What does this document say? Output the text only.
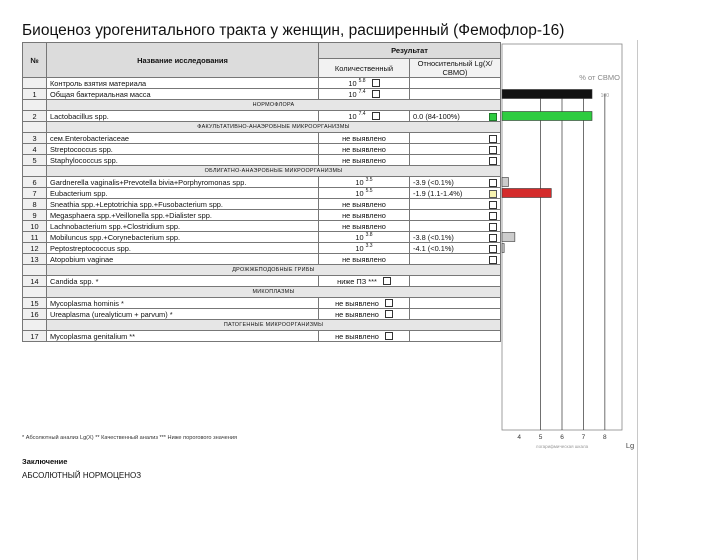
Биоценоз урогенитального тракта у женщин, расширенный (Фемофлор-16)
№	Название исследования	Результат	
		Количественный	Относительный Lg(X/СВМО)
	Контроль взятия материала	10 $^{5.8}$	
1	Общая бактериальная масса	10 $^{7.4}$	
	НОРМОФЛОРА		
2	Lactobacillus spp.	10 $^{7.4}$	0.0 (84-100%)

	ФАКУЛЬТАТИВНО-АНАЭРОБНЫЕ МИКРООРГАНИЗМЫ		
3	сем.Enterobacteriaceae	не выявлено	

4	Streptococcus spp.	не выявлено	

5	Staphylococcus spp.	не выявлено	

	ОБЛИГАТНО-АНАЭРОБНЫЕ МИКРООРГАНИЗМЫ		
6	Gardnerella vaginalis+Prevotella bivia+Porphyromonas spp.	10 $^{3.5}$	-3.9 (<0.1%)

7	Eubacterium spp.	10 $^{5.5}$	-1.9 (1.1-1.4%)

8	Sneathia spp.+Leptotrichia spp.+Fusobacterium spp.	не выявлено	

9	Megasphaera spp.+Veillonella spp.+Dialister spp.	не выявлено	

10	Lachnobacterium spp.+Clostridium spp.	не выявлено	

11	Mobiluncus spp.+Corynebacterium spp.	10 $^{3.8}$	-3.8 (<0.1%)

12	Peptostreptococcus spp.	10 $^{3.3}$	-4.1 (<0.1%)

13	Atopobium vaginae	не выявлено	

	ДРОЖЖЕПОДОБНЫЕ ГРИБЫ		
14	Candida spp. *	ниже ПЗ ***	
	МИКОПЛАЗМЫ		
15	Mycoplasma hominis *	не выявлено	
16	Ureaplasma (urealyticum + parvum) *	не выявлено	
	ПАТОГЕННЫЕ МИКРООРГАНИЗМЫ		
17	Mycoplasma genitalium **	не выявлено	
% от СВМО
100
4	5	6	7	8
логарифмическая шкала	Lg
* Абсолютный анализ Lg(X) ** Качественный анализ *** Ниже порогового значения
Заключение
АБСОЛЮТНЫЙ НОРМОЦЕНОЗ
